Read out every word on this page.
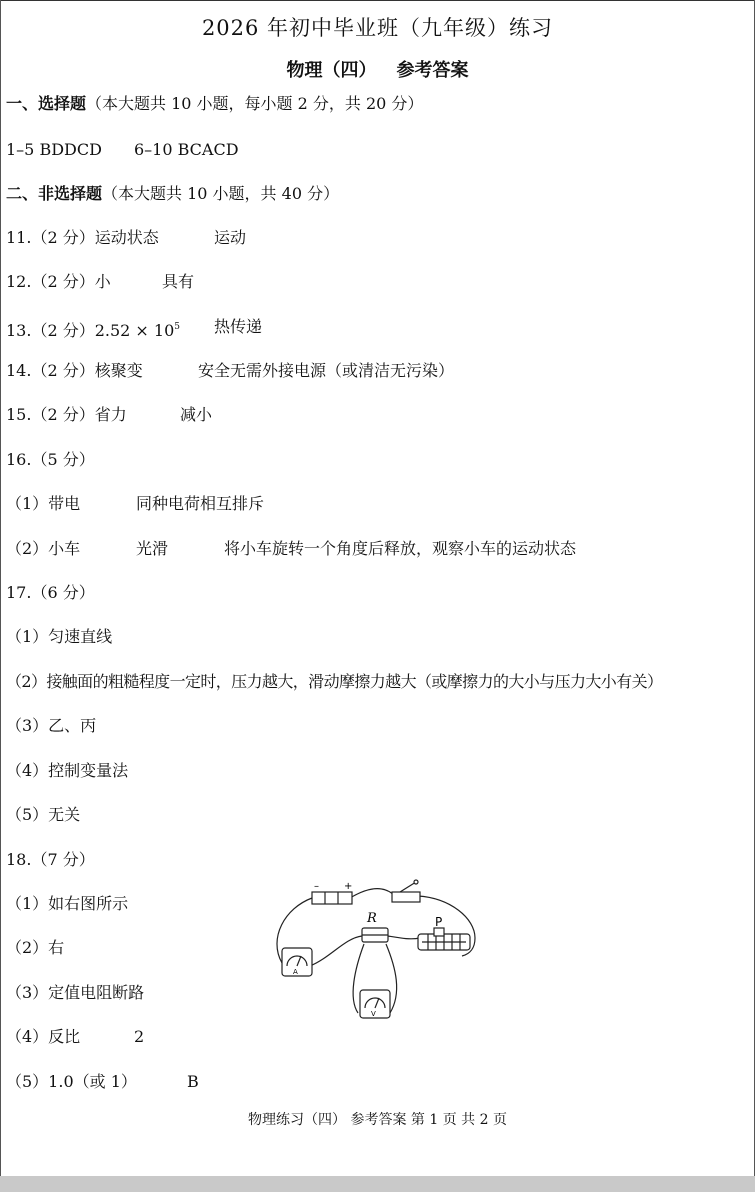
2026 年初中毕业班（九年级）练习
物理（四） 参考答案
一、选择题（本大题共 10 小题，每小题 2 分，共 20 分）
1–5 BDDCD 6–10 BCACD
二、非选择题（本大题共 10 小题，共 40 分）
11.（2 分）运动状态	运动
12.（2 分）小	具有
13.（2 分）$2.52 \times 10^5$ 热传递
14.（2 分）核聚变	安全无需外接电源（或清洁无污染）
15.（2 分）省力	减小
16.（5 分）
（1）带电	同种电荷相互排斥
（2）小车	光滑	将小车旋转一个角度后释放，观察小车的运动状态
17.（6 分）
（1）匀速直线
（2）接触面的粗糙程度一定时，压力越大，滑动摩擦力越大（或摩擦力的大小与压力大小有关）
（3）乙、丙
（4）控制变量法
（5）无关
18.（7 分）
（1）如右图所示
（2）右
（3）定值电阻断路
（4）反比	2
（5）1.0（或 1）	B
–	+
R	P
A
V
物理练习（四） 参考答案 第 1 页 共 2 页
